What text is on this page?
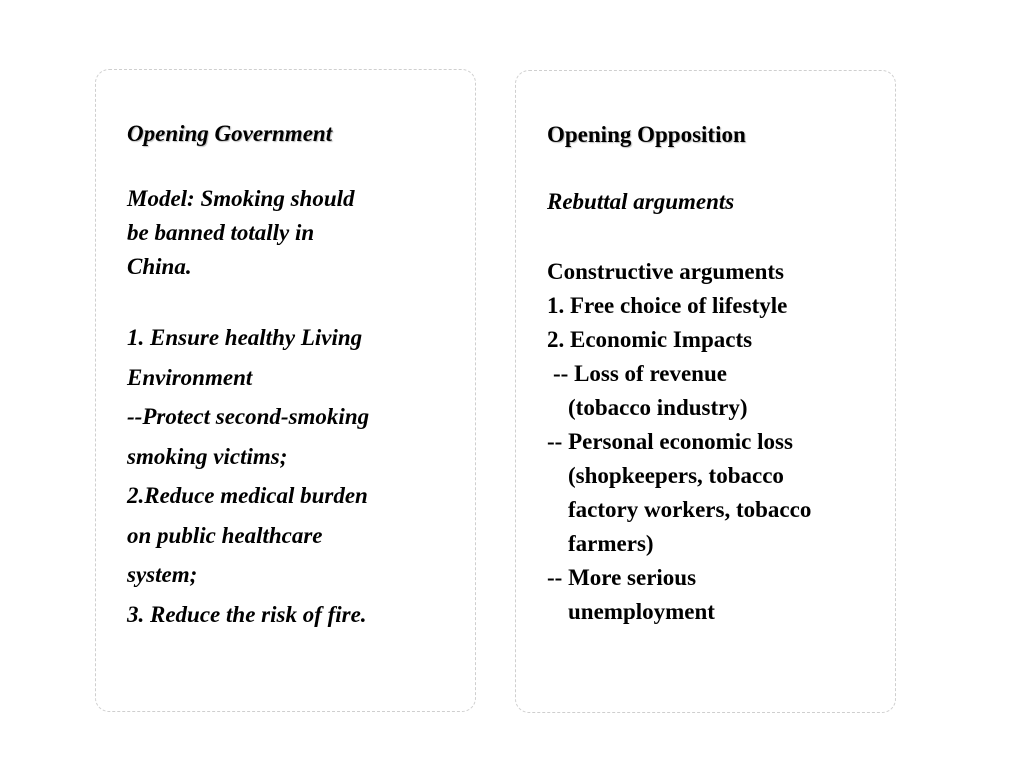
Opening Government
Model: Smoking should
be banned totally in
China.
1. Ensure healthy Living
Environment
--Protect second-smoking
smoking victims;
2.Reduce medical burden
on public healthcare
system;
3. Reduce the risk of fire.
Opening Opposition
Rebuttal arguments
Constructive arguments
1. Free choice of lifestyle
2. Economic Impacts
-- Loss of revenue
(tobacco industry)
-- Personal economic loss
(shopkeepers, tobacco
factory workers, tobacco
farmers)
-- More serious
unemployment
